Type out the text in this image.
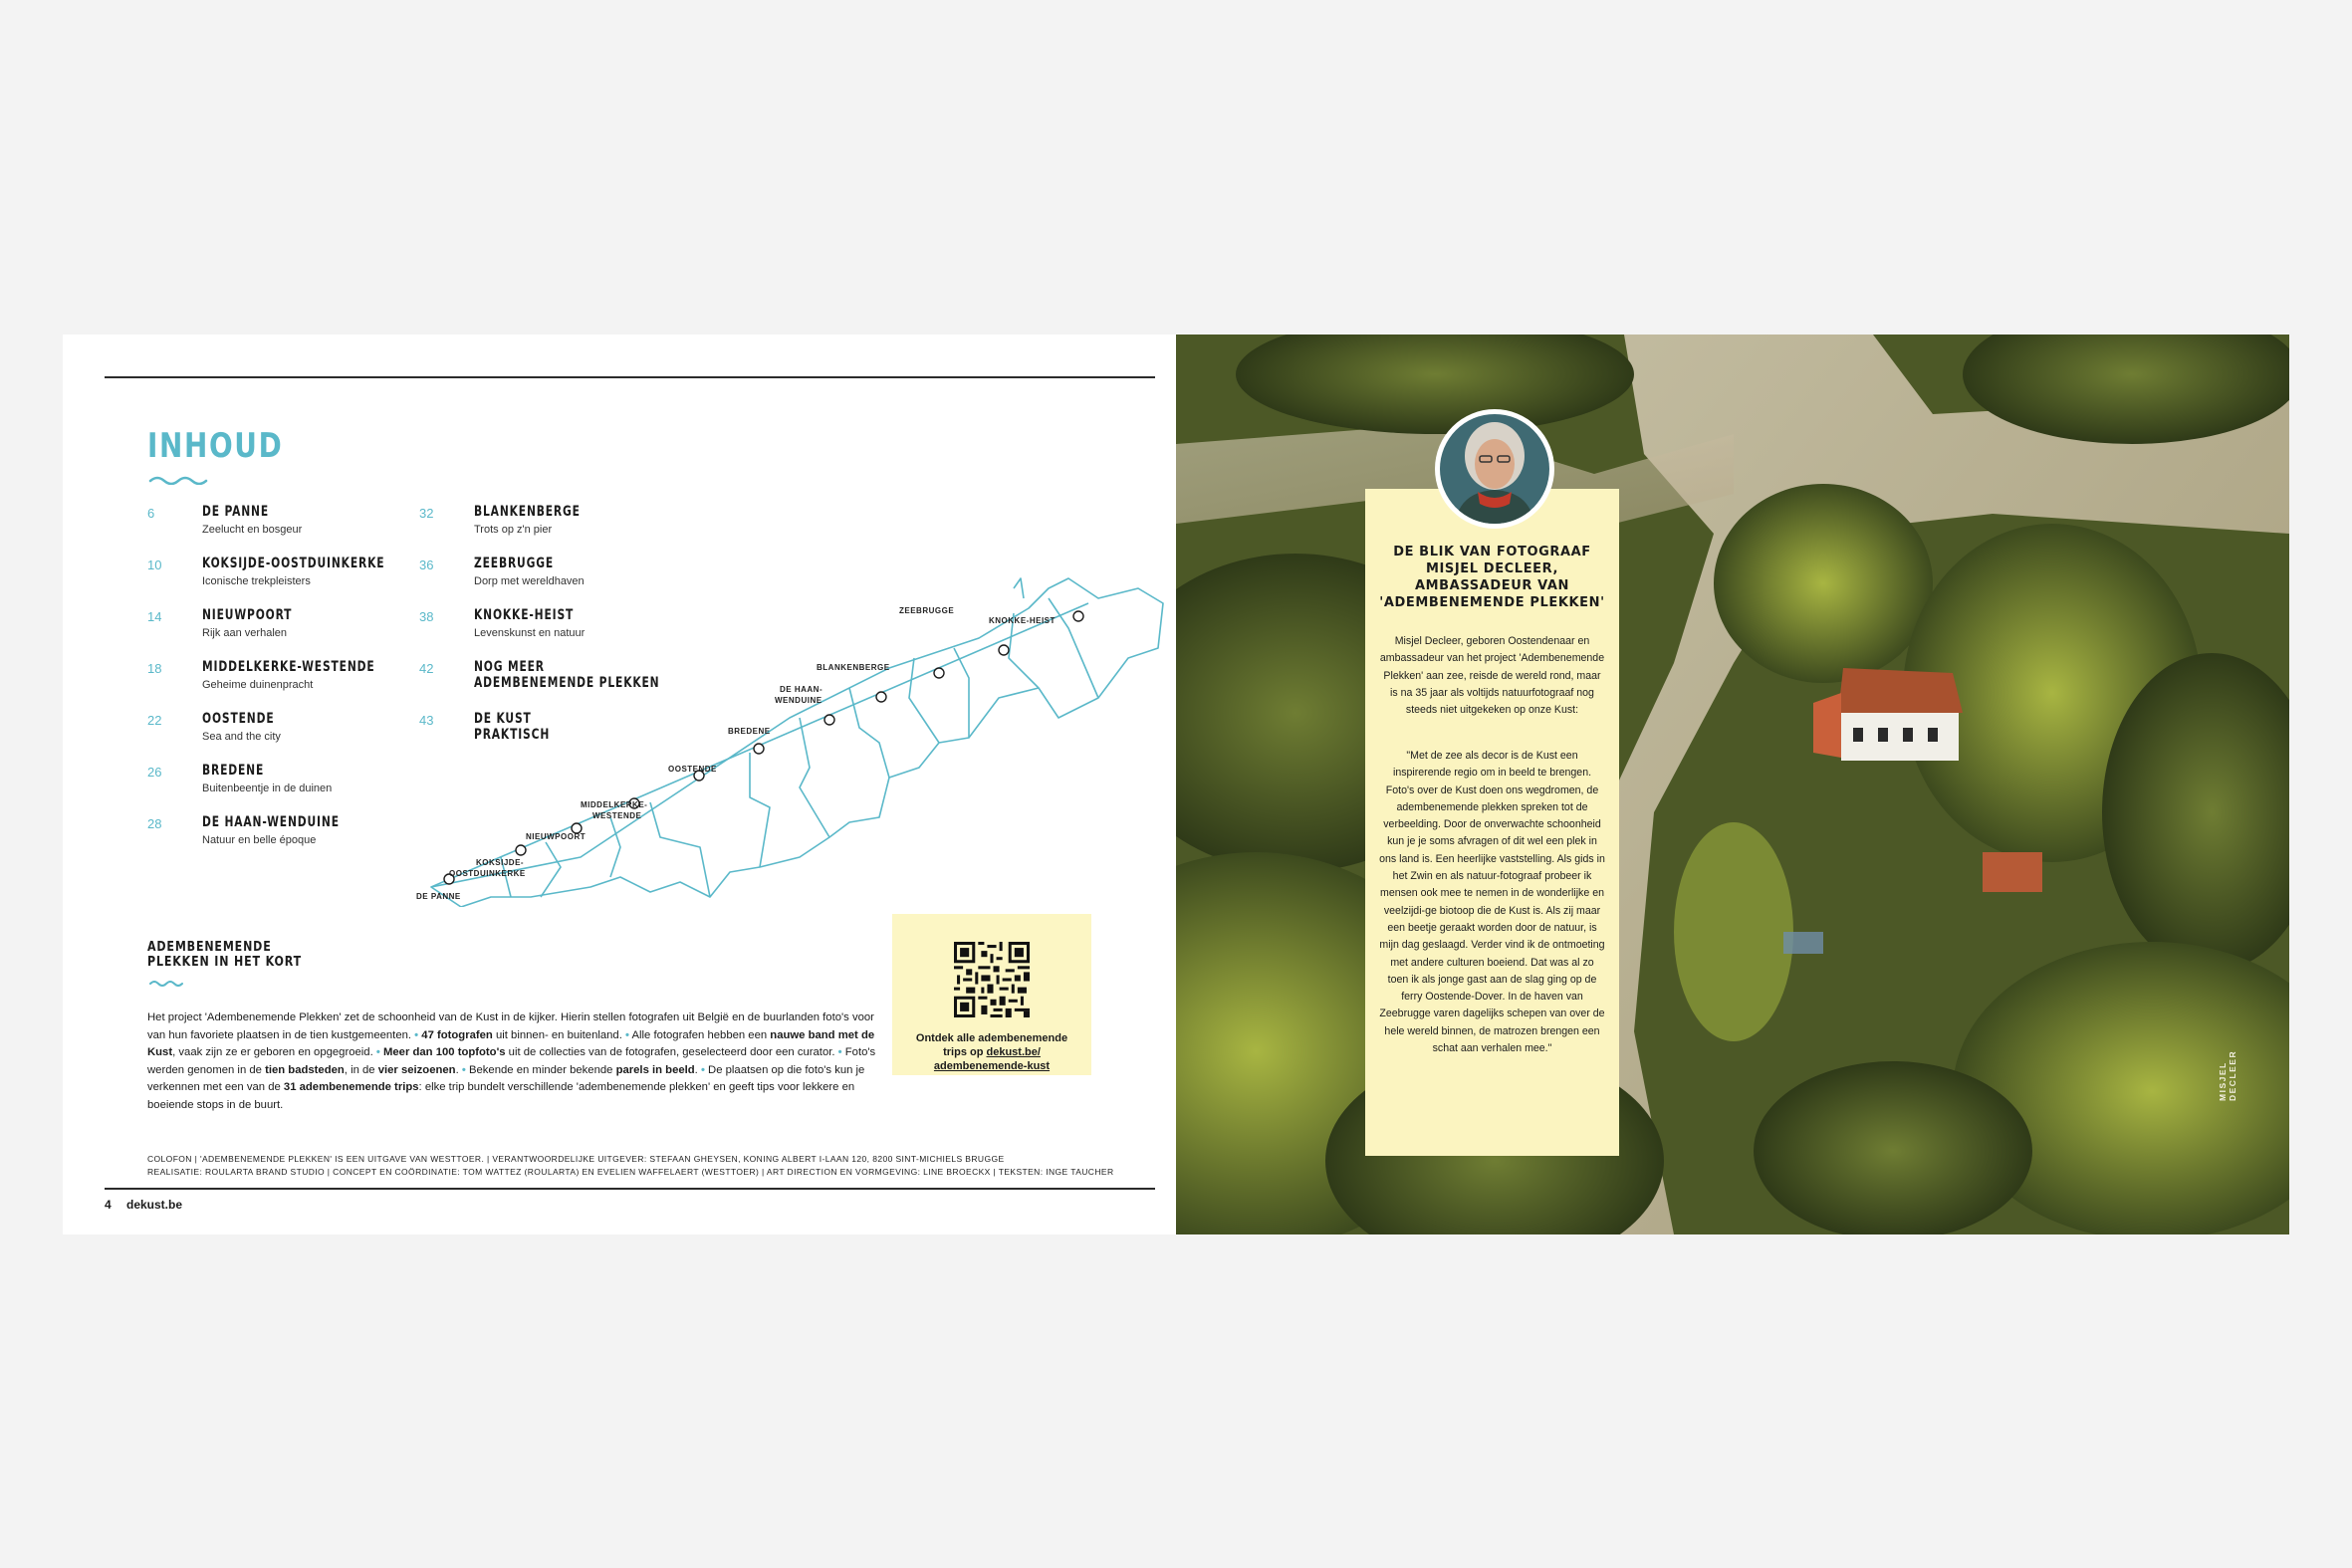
INHOUD
6	DE PANNE
Zeelucht en bosgeur
10	KOKSIJDE-OOSTDUINKERKE
Iconische trekpleisters
14	NIEUWPOORT
Rijk aan verhalen
18	MIDDELKERKE-WESTENDE
Geheime duinenpracht
22	OOSTENDE
Sea and the city
26	BREDENE
Buitenbeentje in de duinen
28	DE HAAN-WENDUINE
Natuur en belle époque
32	BLANKENBERGE
Trots op z'n pier
36	ZEEBRUGGE
Dorp met wereldhaven
38	KNOKKE-HEIST
Levenskunst en natuur
42	NOG MEER
ADEMBENEMENDE PLEKKEN
43	DE KUST
PRAKTISCH
DE PANNE
KOKSIJDE-
OOSTDUINKERKE
NIEUWPOORT
MIDDELKERKE-
WESTENDE
OOSTENDE
BREDENE
DE HAAN-
WENDUINE
BLANKENBERGE
ZEEBRUGGE
KNOKKE-HEIST
Ontdek alle adembenemende
trips op dekust.be/
adembenemende-kust
ADEMBENEMENDE
PLEKKEN IN HET KORT
Het project 'Adembenemende Plekken' zet de schoonheid van de Kust in de kijker. Hierin stellen fotografen uit België en de buurlanden foto's voor van hun favoriete plaatsen in de tien kustgemeenten. • 47 fotografen uit binnen- en buitenland. • Alle fotografen hebben een nauwe band met de Kust, vaak zijn ze er geboren en opgegroeid. • Meer dan 100 topfoto's uit de collecties van de fotografen, geselecteerd door een curator. • Foto's werden genomen in de tien badsteden, in de vier seizoenen. • Bekende en minder bekende parels in beeld. • De plaatsen op die foto's kun je verkennen met een van de 31 adembenemende trips: elke trip bundelt verschillende 'adembenemende plekken' en geeft tips voor lekkere en boeiende stops in de buurt.
COLOFON | 'ADEMBENEMENDE PLEKKEN' IS EEN UITGAVE VAN WESTTOER. | VERANTWOORDELIJKE UITGEVER: STEFAAN GHEYSEN, KONING ALBERT I-LAAN 120, 8200 SINT-MICHIELS BRUGGE
REALISATIE: ROULARTA BRAND STUDIO | CONCEPT EN COÖRDINATIE: TOM WATTEZ (ROULARTA) EN EVELIEN WAFFELAERT (WESTTOER) | ART DIRECTION EN VORMGEVING: LINE BROECKX | TEKSTEN: INGE TAUCHER
4 dekust.be
DE BLIK VAN FOTOGRAAF MISJEL DECLEER, AMBASSADEUR VAN 'ADEMBENEMENDE PLEKKEN'
Misjel Decleer, geboren Oostendenaar en ambassadeur van het project 'Adembenemende Plekken' aan zee, reisde de wereld rond, maar is na 35 jaar als voltijds natuurfotograaf nog steeds niet uitgekeken op onze Kust:
"Met de zee als decor is de Kust een inspirerende regio om in beeld te brengen. Foto's over de Kust doen ons wegdromen, de adembenemende plekken spreken tot de verbeelding. Door de onverwachte schoonheid kun je je soms afvragen of dit wel een plek in ons land is. Een heerlijke vaststelling. Als gids in het Zwin en als natuur-fotograaf probeer ik mensen ook mee te nemen in de wonderlijke en veelzijdi-ge biotoop die de Kust is. Als zij maar een beetje geraakt worden door de natuur, is mijn dag geslaagd. Verder vind ik de ontmoeting met andere culturen boeiend. Dat was al zo toen ik als jonge gast aan de slag ging op de ferry Oostende-Dover. In de haven van Zeebrugge varen dagelijks schepen van over de hele wereld binnen, de matrozen brengen een schat aan verhalen mee."
MISJEL DECLEER
